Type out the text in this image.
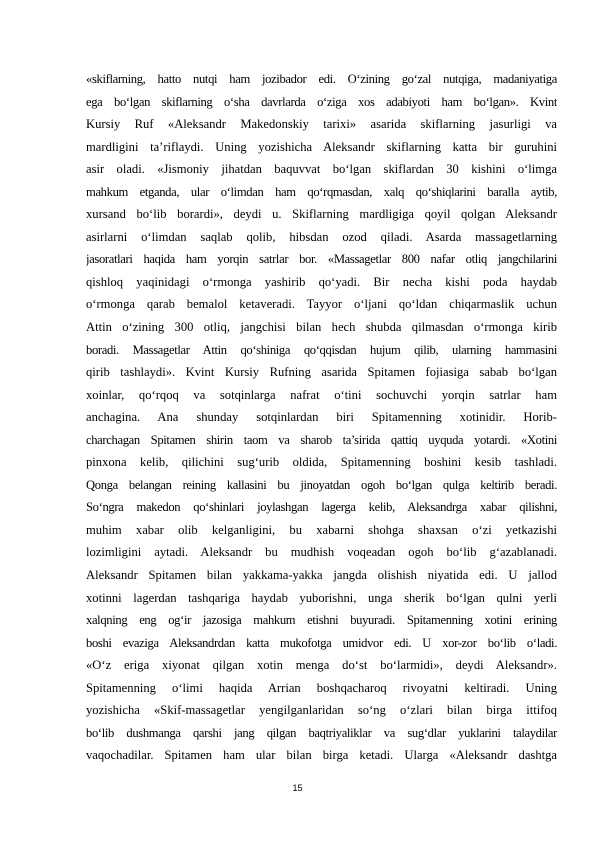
«skiflarning, hatto nutqi ham jozibador edi. O‘zining go‘zal nutqiga, madaniyatiga
ega bo‘lgan skiflarning o‘sha davrlarda o‘ziga xos adabiyoti ham bo‘lgan». Kvint
Kursiy Ruf «Aleksandr Makedonskiy tarixi» asarida skiflarning jasurligi va
mardligini ta’riflaydi. Uning yozishicha Aleksandr skiflarning katta bir guruhini
asir oladi. «Jismoniy jihatdan baquvvat bo‘lgan skiflardan 30 kishini o‘limga
mahkum etganda, ular o‘limdan ham qo‘rqmasdan, xalq qo‘shiqlarini baralla aytib,
xursand bo‘lib borardi», deydi u. Skiflarning mardligiga qoyil qolgan Aleksandr
asirlarni o‘limdan saqlab qolib, hibsdan ozod qiladi. Asarda massagetlarning
jasoratlari haqida ham yorqin satrlar bor. «Massagetlar 800 nafar otliq jangchilarini
qishloq yaqinidagi o‘rmonga yashirib qo‘yadi. Bir necha kishi poda haydab
o‘rmonga qarab bemalol ketaveradi. Tayyor o‘ljani qo‘ldan chiqarmaslik uchun
Attin o‘zining 300 otliq, jangchisi bilan hech shubda qilmasdan o‘rmonga kirib
boradi. Massagetlar Attin qo‘shiniga qo‘qqisdan hujum qilib, ularning hammasini
qirib tashlaydi». Kvint Kursiy Rufning asarida Spitamen fojiasiga sabab bo‘lgan
xoinlar, qo‘rqoq va sotqinlarga nafrat o‘tini sochuvchi yorqin satrlar ham
anchagina. Ana shunday sotqinlardan biri Spitamenning xotinidir. Horib-
charchagan Spitamen shirin taom va sharob ta’sirida qattiq uyquda yotardi. «Xotini
pinxona kelib, qilichini sug‘urib oldida, Spitamenning boshini kesib tashladi.
Qonga belangan reining kallasini bu jinoyatdan ogoh bo‘lgan qulga keltirib beradi.
So‘ngra makedon qo‘shinlari joylashgan lagerga kelib, Aleksandrga xabar qilishni,
muhim xabar olib kelganligini, bu xabarni shohga shaxsan o‘zi yetkazishi
lozimligini aytadi. Aleksandr bu mudhish voqeadan ogoh bo‘lib g‘azablanadi.
Aleksandr Spitamen bilan yakkama-yakka jangda olishish niyatida edi. U jallod
xotinni lagerdan tashqariga haydab yuborishni, unga sherik bo‘lgan qulni yerli
xalqning eng og‘ir jazosiga mahkum etishni buyuradi. Spitamenning xotini erining
boshi evaziga Aleksandrdan katta mukofotga umidvor edi. U xor-zor bo‘lib o‘ladi.
«O‘z eriga xiyonat qilgan xotin menga do‘st bo‘larmidi», deydi Aleksandr».
Spitamenning o‘limi haqida Arrian boshqacharoq rivoyatni keltiradi. Uning
yozishicha «Skif-massagetlar yengilganlaridan so‘ng o‘zlari bilan birga ittifoq
bo‘lib dushmanga qarshi jang qilgan baqtriyaliklar va sug‘dlar yuklarini talaydilar
vaqochadilar. Spitamen ham ular bilan birga ketadi. Ularga «Aleksandr dashtga
15
